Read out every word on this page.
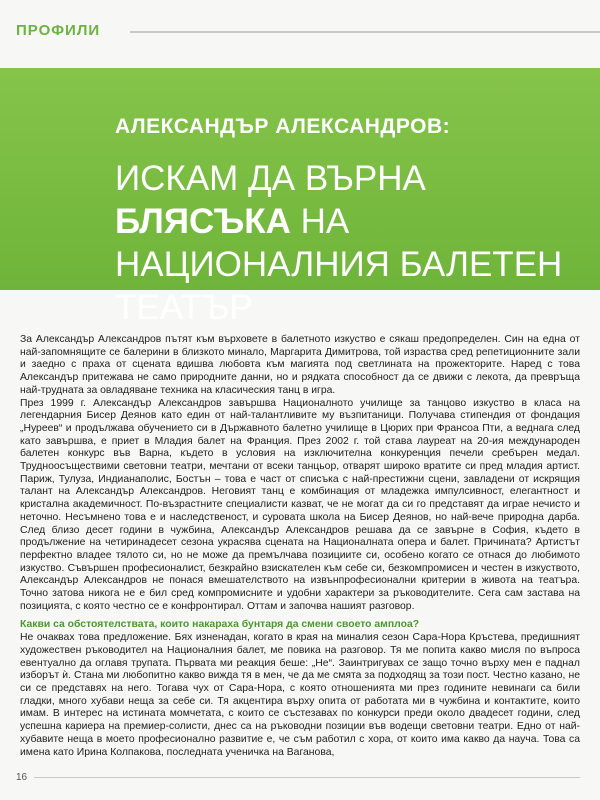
ПРОФИЛИ
АЛЕКСАНДЪР АЛЕКСАНДРОВ:
ИСКАМ ДА ВЪРНА БЛЯСЪКА НА НАЦИОНАЛНИЯ БАЛЕТЕН ТЕАТЪР

За Александър Александров пътят към върховете в балетното изкуство е сякаш предопределен. Син на една от най-запомнящите се балерини в близкото минало, Маргарита Димитрова, той израства сред репетиционните зали и заедно с праха от сцената вдишва любовта към магията под светлината на прожекторите. Наред с това Александър притежава не само природните данни, но и рядката способност да се движи с лекота, да превръща най-трудната за овладяване техника на класическия танц в игра.

През 1999 г. Александър Александров завършва Националното училище за танцово изкуство в класа на легендарния Бисер Деянов като един от най-талантливите му възпитаници. Получава стипендия от фондация „Нуреев“ и продължава обучението си в Държавното балетно училище в Цюрих при Франсоа Пти, а веднага след като завършва, е приет в Младия балет на Франция. През 2002 г. той става лауреат на 20-ия международен балетен конкурс във Варна, където в условия на изключителна конкуренция печели сребърен медал. Трудноосъществими световни театри, мечтани от всеки танцьор, отварят широко вратите си пред младия артист. Париж, Тулуза, Индианаполис, Бостън – това е част от списъка с най-престижни сцени, завладени от искрящия талант на Александър Александров. Неговият танц е комбинация от младежка импулсивност, елегантност и кристална академичност. По-възрастните специалисти казват, че не могат да си го представят да играе нечисто и неточно. Несъмнено това е и наследственост, и суровата школа на Бисер Деянов, но най-вече природна дарба. След близо десет години в чужбина, Александър Александров решава да се завърне в София, където в продължение на четиринадесет сезона украсява сцената на Националната опера и балет. Причината? Артистът перфектно владее тялото си, но не може да премълчава позициите си, особено когато се отнася до любимото изкуство. Съвършен професионалист, безкрайно взискателен към себе си, безкомпромисен и честен в изкуството, Александър Александров не понася вмешателството на извънпрофесионални критерии в живота на театъра. Точно затова никога не е бил сред компромисните и удобни характери за ръководителите. Сега сам застава на позицията, с която честно се е конфронтирал. Оттам и започва нашият разговор.

Какви са обстоятелствата, които накараха бунтаря да смени своето амплоа?

Не очаквах това предложение. Бях изненадан, когато в края на миналия сезон Сара-Нора Кръстева, предишният художествен ръководител на Националния балет, ме повика на разговор. Тя ме попита какво мисля по въпроса евентуално да оглавя трупата. Първата ми реакция беше: „Не“. Заинтригувах се защо точно върху мен е паднал изборът ѝ. Стана ми любопитно какво вижда тя в мен, че да ме смята за подходящ за този пост. Честно казано, не си се представях на него. Тогава чух от Сара-Нора, с която отношенията ми през годините невинаги са били гладки, много хубави неща за себе си. Тя акцентира върху опита от работата ми в чужбина и контактите, които имам. В интерес на истината момчетата, с които се състезавах по конкурси преди около двадесет години, след успешна кариера на премиер-солисти, днес са на ръководни позиции във водещи световни театри. Едно от най-хубавите неща в моето професионално развитие е, че съм работил с хора, от които има какво да науча. Това са имена като Ирина Колпакова, последната ученичка на Ваганова,

16
